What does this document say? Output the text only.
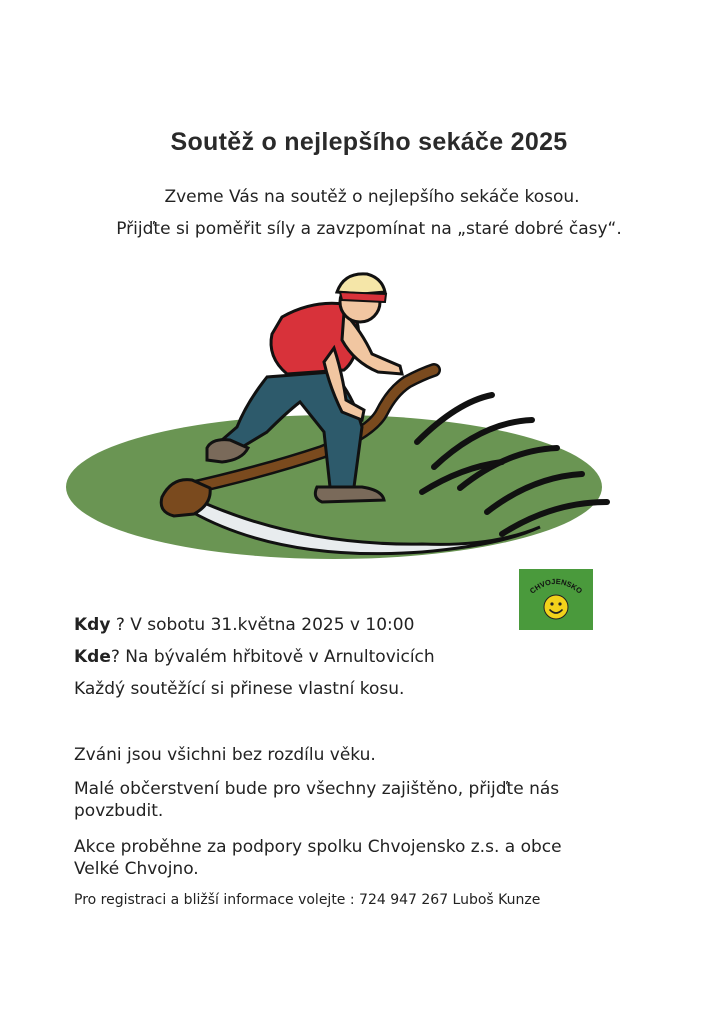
Soutěž o nejlepšího sekáče 2025

Zveme Vás na soutěž o nejlepšího sekáče kosou.

Přijďte si poměřit síly a zavzpomínat na „staré dobré časy“.

CHVOJENSKO

Kdy ? V sobotu 31.května 2025 v 10:00

Kde? Na bývalém hřbitově v Arnultovicích

Každý soutěžící si přinese vlastní kosu.

Zváni jsou všichni bez rozdílu věku.

Malé občerstvení bude pro všechny zajištěno, přijďte nás povzbudit.

Akce proběhne za podpory spolku Chvojensko z.s. a obce Velké Chvojno.

Pro registraci a bližší informace volejte : 724 947 267 Luboš Kunze
